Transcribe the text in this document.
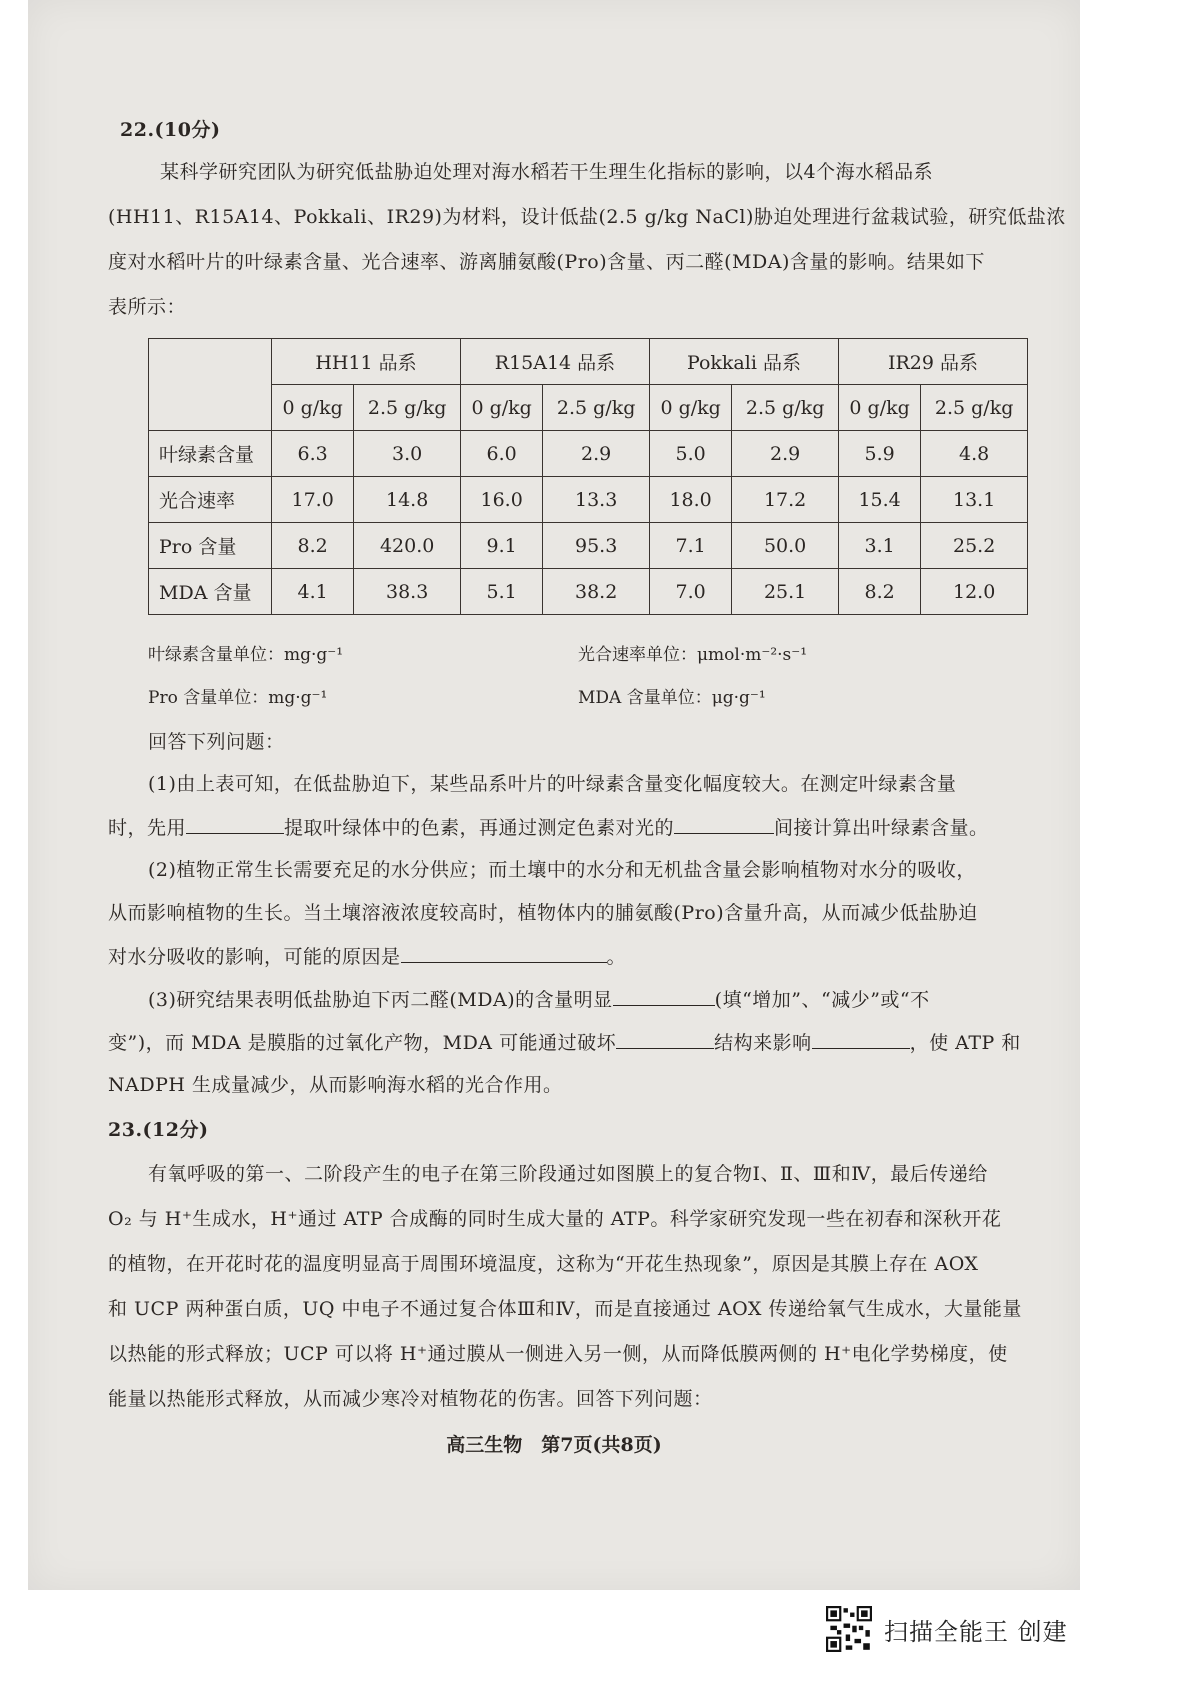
22.(10分)
某科学研究团队为研究低盐胁迫处理对海水稻若干生理生化指标的影响，以4个海水稻品系
(HH11、R15A14、Pokkali、IR29)为材料，设计低盐(2.5 g/kg NaCl)胁迫处理进行盆栽试验，研究低盐浓
度对水稻叶片的叶绿素含量、光合速率、游离脯氨酸(Pro)含量、丙二醛(MDA)含量的影响。结果如下
表所示：
	HH11 品系		R15A14 品系		Pokkali 品系		IR29 品系	
	0 g/kg	2.5 g/kg	0 g/kg	2.5 g/kg	0 g/kg	2.5 g/kg	0 g/kg	2.5 g/kg
叶绿素含量	6.3	3.0	6.0	2.9	5.0	2.9	5.9	4.8
光合速率	17.0	14.8	16.0	13.3	18.0	17.2	15.4	13.1
Pro 含量	8.2	420.0	9.1	95.3	7.1	50.0	3.1	25.2
MDA 含量	4.1	38.3	5.1	38.2	7.0	25.1	8.2	12.0
叶绿素含量单位：mg·g⁻¹	光合速率单位：μmol·m⁻²·s⁻¹
Pro 含量单位：mg·g⁻¹	MDA 含量单位：μg·g⁻¹
回答下列问题：
(1)由上表可知，在低盐胁迫下，某些品系叶片的叶绿素含量变化幅度较大。在测定叶绿素含量
时，先用	提取叶绿体中的色素，再通过测定色素对光的	间接计算出叶绿素含量。
(2)植物正常生长需要充足的水分供应；而土壤中的水分和无机盐含量会影响植物对水分的吸收，
从而影响植物的生长。当土壤溶液浓度较高时，植物体内的脯氨酸(Pro)含量升高，从而减少低盐胁迫
对水分吸收的影响，可能的原因是	。
(3)研究结果表明低盐胁迫下丙二醛(MDA)的含量明显	(填“增加”、“减少”或“不
变”)，而 MDA 是膜脂的过氧化产物，MDA 可能通过破坏	结构来影响	，使 ATP 和
NADPH 生成量减少，从而影响海水稻的光合作用。
23.(12分)
有氧呼吸的第一、二阶段产生的电子在第三阶段通过如图膜上的复合物Ⅰ、Ⅱ、Ⅲ和Ⅳ，最后传递给
O₂ 与 H⁺生成水，H⁺通过 ATP 合成酶的同时生成大量的 ATP。科学家研究发现一些在初春和深秋开花
的植物，在开花时花的温度明显高于周围环境温度，这称为“开花生热现象”，原因是其膜上存在 AOX
和 UCP 两种蛋白质，UQ 中电子不通过复合体Ⅲ和Ⅳ，而是直接通过 AOX 传递给氧气生成水，大量能量
以热能的形式释放；UCP 可以将 H⁺通过膜从一侧进入另一侧，从而降低膜两侧的 H⁺电化学势梯度，使
能量以热能形式释放，从而减少寒冷对植物花的伤害。回答下列问题：
高三生物　第7页(共8页)
扫描全能王 创建
